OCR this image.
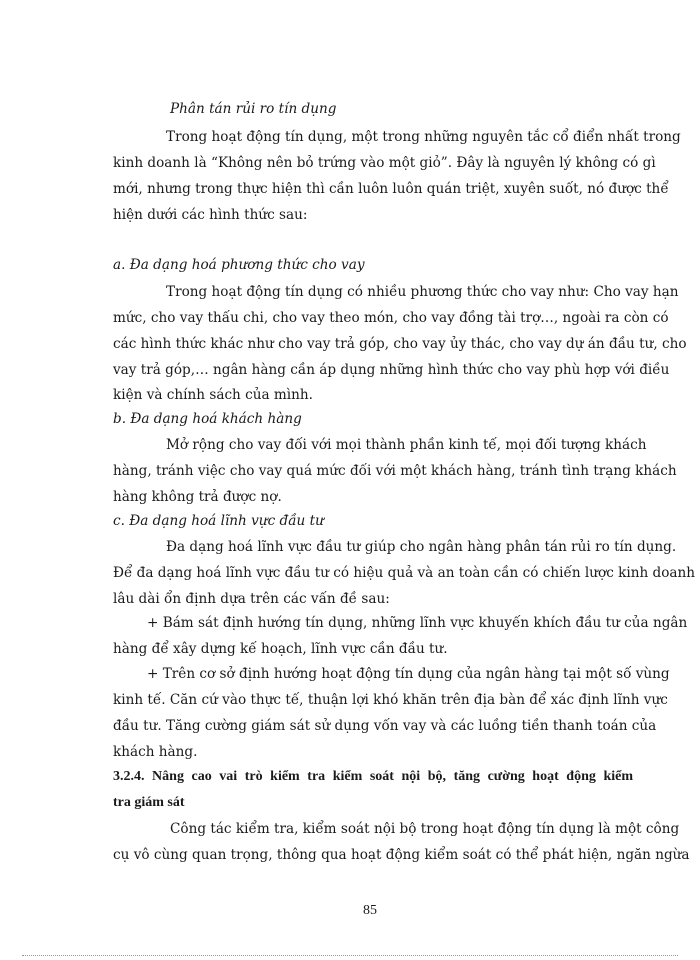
Phân tán rủi ro tín dụng
Trong hoạt động tín dụng, một trong những nguyên tắc cổ điển nhất trong
kinh doanh là “Không nên bỏ trứng vào một giỏ”. Đây là nguyên lý không có gì
mới, nhưng trong thực hiện thì cần luôn luôn quán triệt, xuyên suốt, nó được thể
hiện dưới các hình thức sau:
a. Đa dạng hoá phương thức cho vay
Trong hoạt động tín dụng có nhiều phương thức cho vay như: Cho vay hạn
mức, cho vay thấu chi, cho vay theo món, cho vay đồng tài trợ…, ngoài ra còn có
các hình thức khác như cho vay trả góp, cho vay ủy thác, cho vay dự án đầu tư, cho
vay trả góp,… ngân hàng cần áp dụng những hình thức cho vay phù hợp với điều
kiện và chính sách của mình.
b. Đa dạng hoá khách hàng
Mở rộng cho vay đối với mọi thành phần kinh tế, mọi đối tượng khách
hàng, tránh việc cho vay quá mức đối với một khách hàng, tránh tình trạng khách
hàng không trả được nợ.
c. Đa dạng hoá lĩnh vực đầu tư
Đa dạng hoá lĩnh vực đầu tư giúp cho ngân hàng phân tán rủi ro tín dụng.
Để đa dạng hoá lĩnh vực đầu tư có hiệu quả và an toàn cần có chiến lược kinh doanh
lâu dài ổn định dựa trên các vấn đề sau:
+ Bám sát định hướng tín dụng, những lĩnh vực khuyến khích đầu tư của ngân
hàng để xây dựng kế hoạch, lĩnh vực cần đầu tư.
+ Trên cơ sở định hướng hoạt động tín dụng của ngân hàng tại một số vùng
kinh tế. Căn cứ vào thực tế, thuận lợi khó khăn trên địa bàn để xác định lĩnh vực
đầu tư. Tăng cường giám sát sử dụng vốn vay và các luồng tiền thanh toán của
khách hàng.
3.2.4. Nâng cao vai trò kiểm tra kiểm soát nội bộ, tăng cường hoạt động kiểm
tra giám sát
Công tác kiểm tra, kiểm soát nội bộ trong hoạt động tín dụng là một công
cụ vô cùng quan trọng, thông qua hoạt động kiểm soát có thể phát hiện, ngăn ngừa
85
